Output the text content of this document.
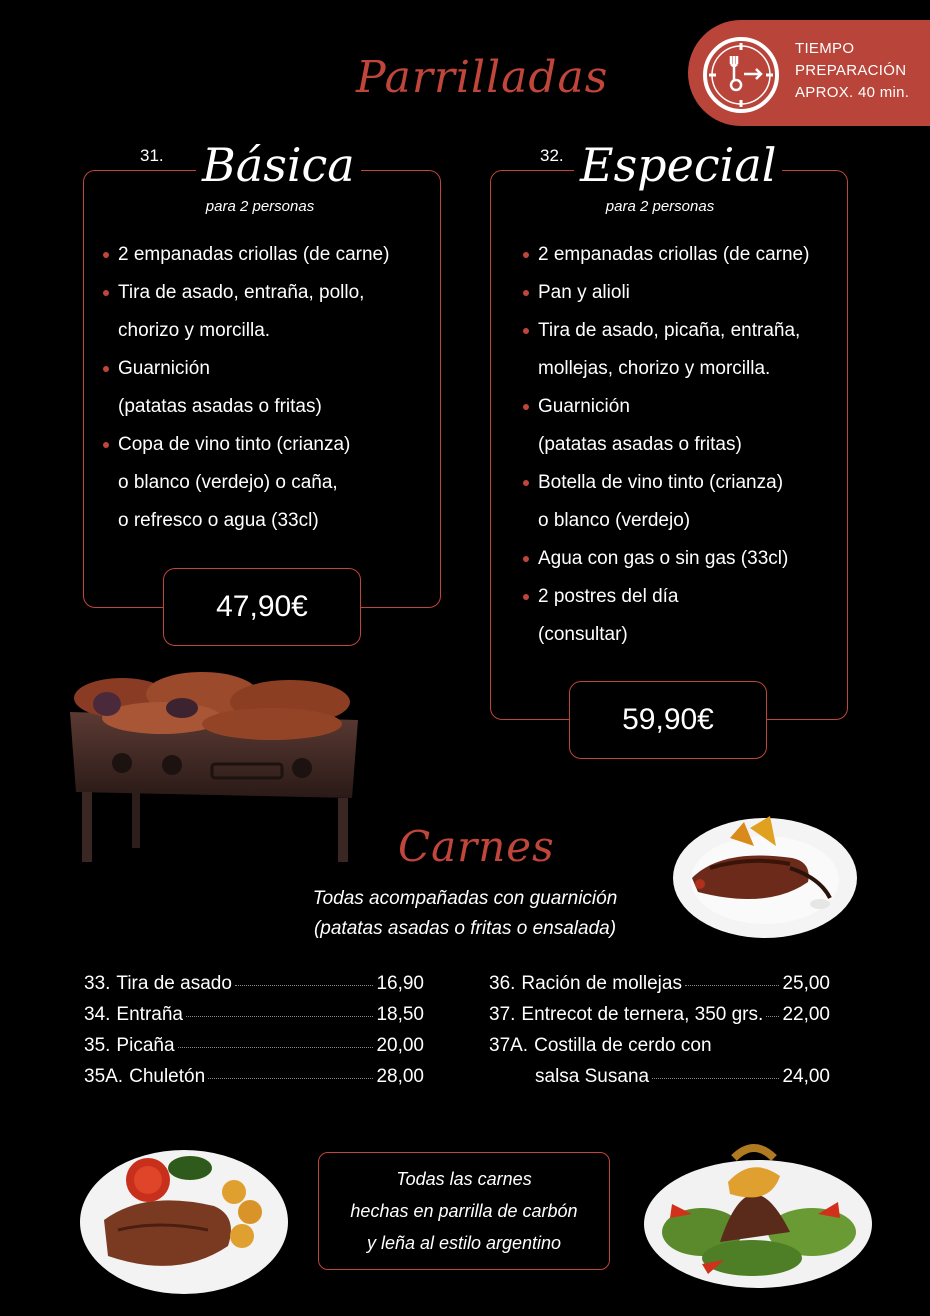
Parrilladas
TIEMPO
PREPARACIÓN
APROX. 40 min.
31. Básica
para 2 personas
2 empanadas criollas (de carne)
Tira de asado, entraña, pollo,
chorizo y morcilla.
Guarnición
(patatas asadas o fritas)
Copa de vino tinto (crianza)
o blanco (verdejo) o caña,
o refresco o agua (33cl)
47,90€
32. Especial
para 2 personas
2 empanadas criollas (de carne)
Pan y alioli
Tira de asado, picaña, entraña,
mollejas, chorizo y morcilla.
Guarnición
(patatas asadas o fritas)
Botella de vino tinto (crianza)
o blanco (verdejo)
Agua con gas o sin gas (33cl)
2 postres del día
(consultar)
59,90€
Carnes
Todas acompañadas con guarnición
(patatas asadas o fritas o ensalada)
33. Tira de asado	16,90
34. Entraña	18,50
35. Picaña	20,00
35A. Chuletón	28,00
36. Ración de mollejas	25,00
37. Entrecot de ternera, 350 grs. 22,00
37A. Costilla de cerdo con
salsa Susana	24,00
Todas las carnes
hechas en parrilla de carbón
y leña al estilo argentino
